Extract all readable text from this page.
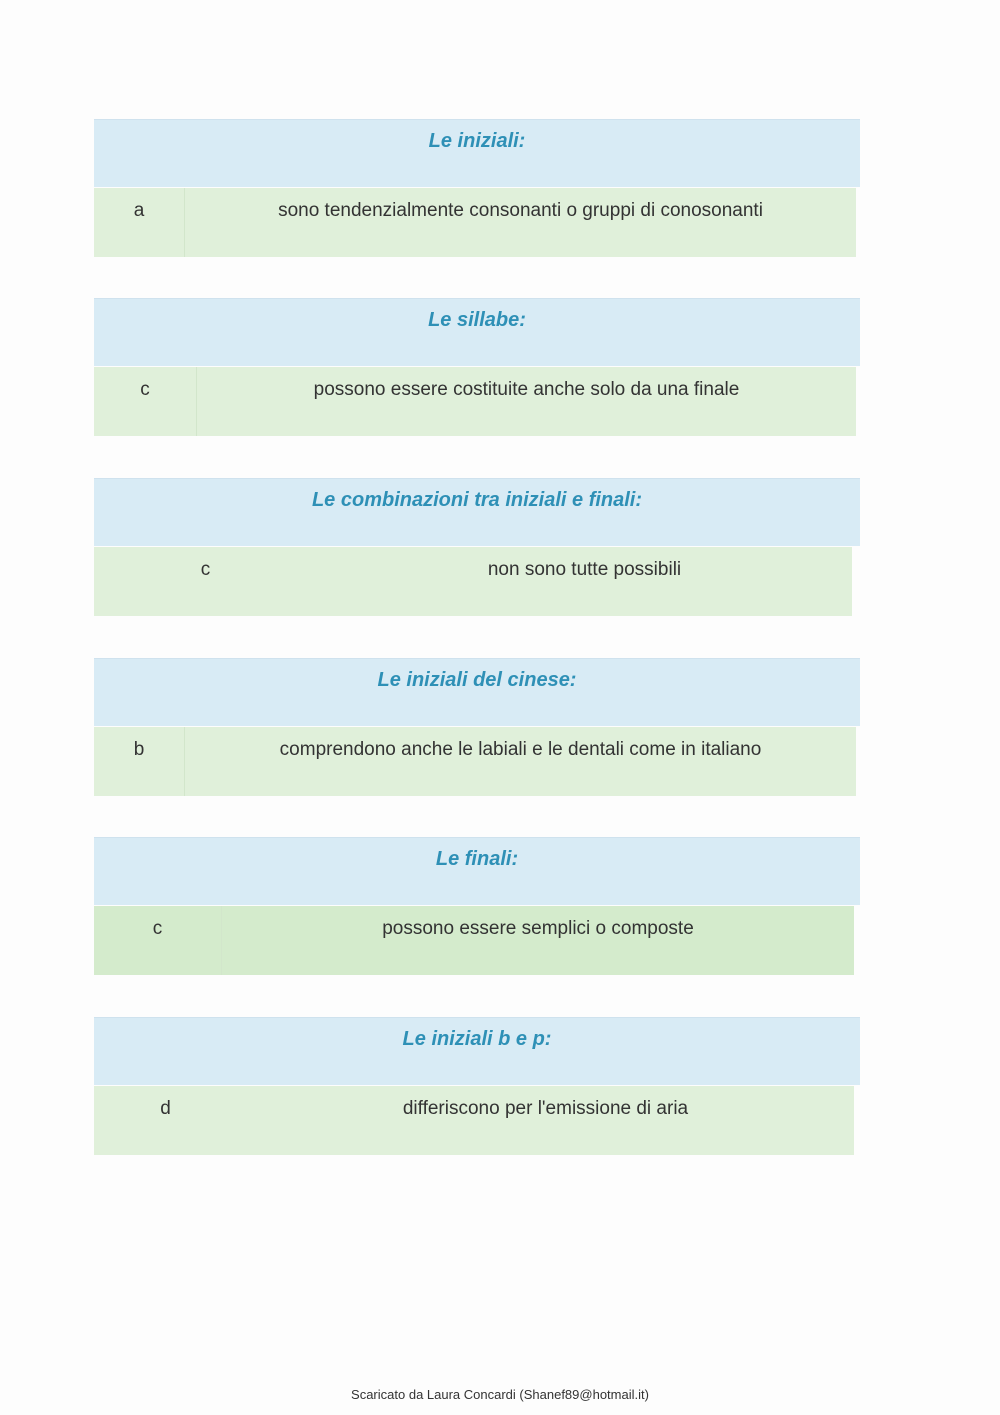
Le iniziali:
a	sono tendenzialmente consonanti o gruppi di conosonanti
Le sillabe:
c	possono essere costituite anche solo da una finale
Le combinazioni tra iniziali e finali:
c	non sono tutte possibili
Le iniziali del cinese:
b	comprendono anche le labiali e le dentali come in italiano
Le finali:
c	possono essere semplici o composte
Le iniziali b e p:
d	differiscono per l'emissione di aria
Scaricato da Laura Concardi (Shanef89@hotmail.it)
